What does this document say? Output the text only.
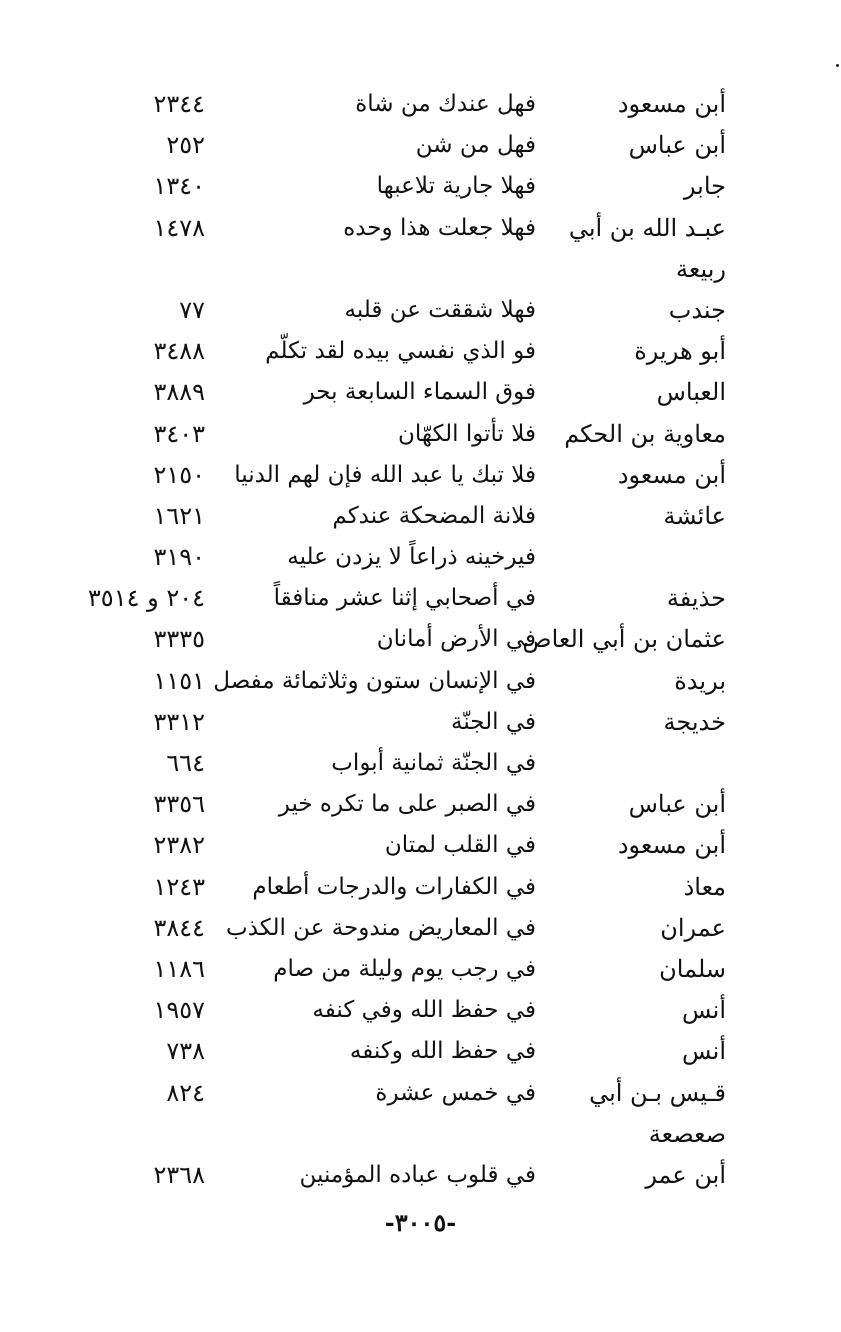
أبن مسعود
فهل عندك من شاة
٢٣٤٤
أبن عباس
فهل من شن
٢٥٢
جابر
فهلا جارية تلاعبها
١٣٤٠
عبـد الله بن أبي
فهلا جعلت هذا وحده
١٤٧٨
ربيعة
جندب
فهلا شققت عن قلبه
٧٧
أبو هريرة
فو الذي نفسي بيده لقد تكلّم
٣٤٨٨
العباس
فوق السماء السابعة بحر
٣٨٨٩
معاوية بن الحكم
فلا تأتوا الكهّان
٣٤٠٣
أبن مسعود
فلا تبك يا عبد الله فإن لهم الدنيا
٢١٥٠
عائشة
فلانة المضحكة عندكم
١٦٢١
فيرخينه ذراعاً لا يزدن عليه
٣١٩٠
حذيفة
في أصحابي إثنا عشر منافقاً
٢٠٤ و ٣٥١٤
عثمان بن أبي العاص
في الأرض أمانان
٣٣٣٥
بريدة
في الإنسان ستون وثلاثمائة مفصل
١١٥١
خديجة
في الجنّة
٣٣١٢
في الجنّة ثمانية أبواب
٦٦٤
أبن عباس
في الصبر على ما تكره خير
٣٣٥٦
أبن مسعود
في القلب لمتان
٢٣٨٢
معاذ
في الكفارات والدرجات أطعام
١٢٤٣
عمران
في المعاريض مندوحة عن الكذب
٣٨٤٤
سلمان
في رجب يوم وليلة من صام
١١٨٦
أنس
في حفظ الله وفي كنفه
١٩٥٧
أنس
في حفظ الله وكنفه
٧٣٨
قـيس بـن أبي
في خمس عشرة
٨٢٤
صعصعة
أبن عمر
في قلوب عباده المؤمنين
٢٣٦٨
-٣٠٠٥-
